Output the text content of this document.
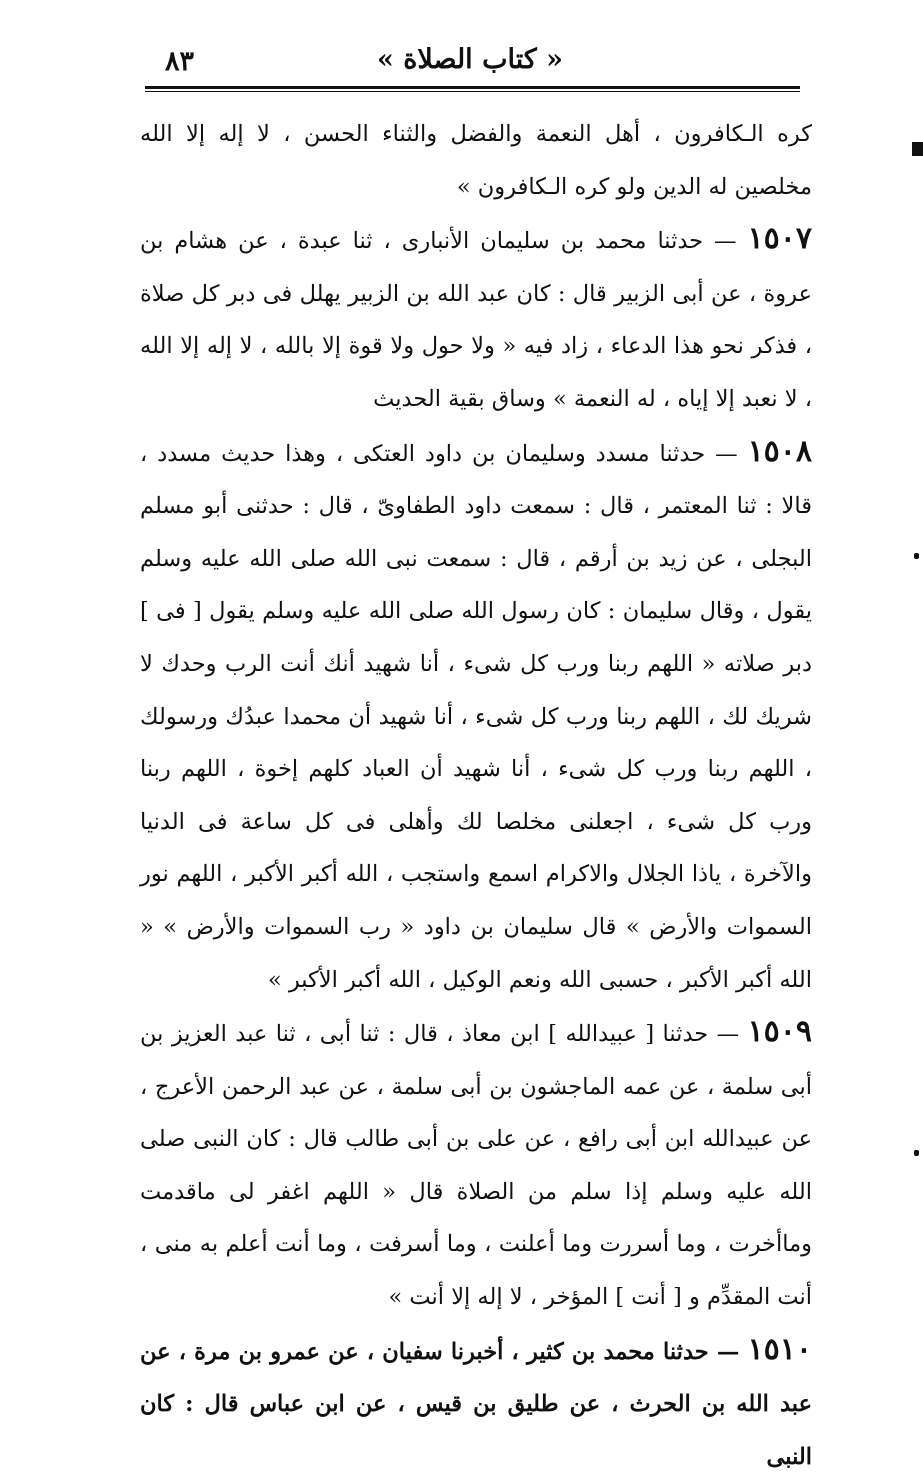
« كتاب الصلاة »
٨٣

كره الـكافرون ، أهل النعمة والفضل والثناء الحسن ، لا إله إلا الله مخلصين له الدين ولو كره الـكافرون »

١٥٠٧ — حدثنا محمد بن سليمان الأنبارى ، ثنا عبدة ، عن هشام بن عروة ، عن أبى الزبير قال : كان عبد الله بن الزبير يهلل فى دبر كل صلاة ، فذكر نحو هذا الدعاء ، زاد فيه « ولا حول ولا قوة إلا بالله ، لا إله إلا الله ، لا نعبد إلا إياه ، له النعمة » وساق بقية الحديث

١٥٠٨ — حدثنا مسدد وسليمان بن داود العتكى ، وهذا حديث مسدد ، قالا : ثنا المعتمر ، قال : سمعت داود الطفاوىّ ، قال : حدثنى أبو مسلم البجلى ، عن زيد بن أرقم ، قال : سمعت نبى الله صلى الله عليه وسلم يقول ، وقال سليمان : كان رسول الله صلى الله عليه وسلم يقول [ فى ] دبر صلاته « اللهم ربنا ورب كل شىء ، أنا شهيد أنك أنت الرب وحدك لا شريك لك ، اللهم ربنا ورب كل شىء ، أنا شهيد أن محمدا عبدُك ورسولك ، اللهم ربنا ورب كل شىء ، أنا شهيد أن العباد كلهم إخوة ، اللهم ربنا ورب كل شىء ، اجعلنى مخلصا لك وأهلى فى كل ساعة فى الدنيا والآخرة ، ياذا الجلال والاكرام اسمع واستجب ، الله أكبر الأكبر ، اللهم نور السموات والأرض » قال سليمان بن داود « رب السموات والأرض » « الله أكبر الأكبر ، حسبى الله ونعم الوكيل ، الله أكبر الأكبر »

١٥٠٩ — حدثنا [ عبيدالله ] ابن معاذ ، قال : ثنا أبى ، ثنا عبد العزيز بن أبى سلمة ، عن عمه الماجشون بن أبى سلمة ، عن عبد الرحمن الأعرج ، عن عبيدالله ابن أبى رافع ، عن على بن أبى طالب قال : كان النبى صلى الله عليه وسلم إذا سلم من الصلاة قال « اللهم اغفر لى ماقدمت وماأخرت ، وما أسررت وما أعلنت ، وما أسرفت ، وما أنت أعلم به منى ، أنت المقدِّم و [ أنت ] المؤخر ، لا إله إلا أنت »

١٥١٠ — حدثنا محمد بن كثير ، أخبرنا سفيان ، عن عمرو بن مرة ، عن عبد الله بن الحرث ، عن طليق بن قيس ، عن ابن عباس قال : كان النبى
